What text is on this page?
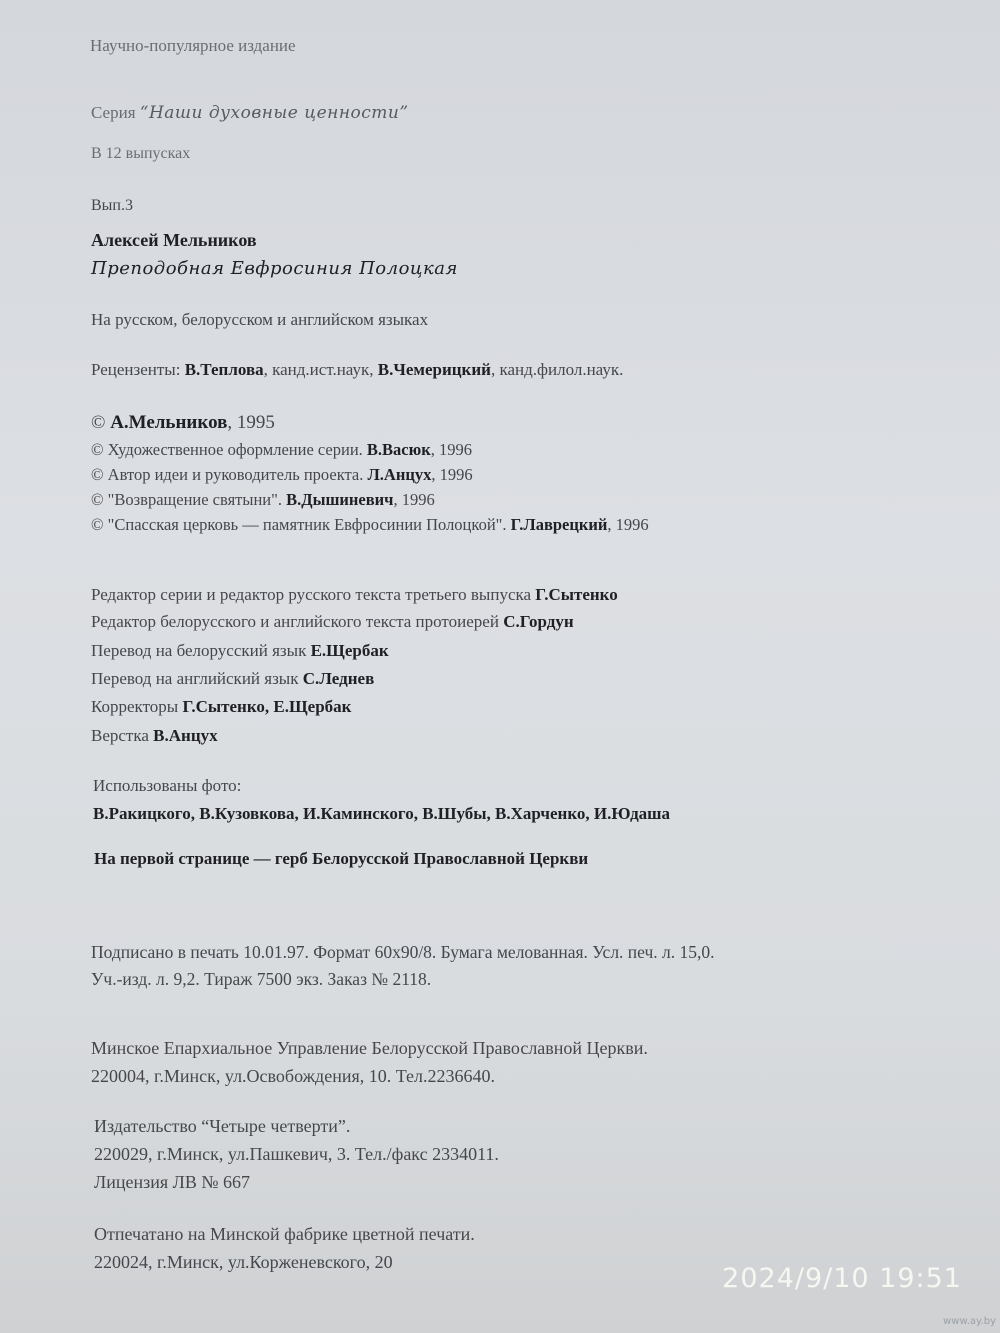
Научно-популярное издание
Серия “Наши духовные ценности”
В 12 выпусках
Вып.3
Алексей Мельников
Преподобная Евфросиния Полоцкая
На русском, белорусском и английском языках
Рецензенты: В.Теплова, канд.ист.наук, В.Чемерицкий, канд.филол.наук.
© А.Мельников, 1995
© Художественное оформление серии. В.Васюк, 1996
© Автор идеи и руководитель проекта. Л.Анцух, 1996
© "Возвращение святыни". В.Дышиневич, 1996
© "Спасская церковь — памятник Евфросинии Полоцкой". Г.Лаврецкий, 1996
Редактор серии и редактор русского текста третьего выпуска Г.Сытенко
Редактор белорусского и английского текста протоиерей С.Гордун
Перевод на белорусский язык Е.Щербак
Перевод на английский язык С.Леднев
Корректоры Г.Сытенко, Е.Щербак
Верстка В.Анцух
Использованы фото:
В.Ракицкого, В.Кузовкова, И.Каминского, В.Шубы, В.Харченко, И.Юдаша
На первой странице — герб Белорусской Православной Церкви
Подписано в печать 10.01.97. Формат 60x90/8. Бумага мелованная. Усл. печ. л. 15,0.
Уч.-изд. л. 9,2. Тираж 7500 экз. Заказ № 2118.
Минское Епархиальное Управление Белорусской Православной Церкви.
220004, г.Минск, ул.Освобождения, 10. Тел.2236640.
Издательство “Четыре четверти”.
220029, г.Минск, ул.Пашкевич, 3. Тел./факс 2334011.
Лицензия ЛВ № 667
Отпечатано на Минской фабрике цветной печати.
220024, г.Минск, ул.Корженевского, 20
2024/9/10 19:51
www.ay.by
